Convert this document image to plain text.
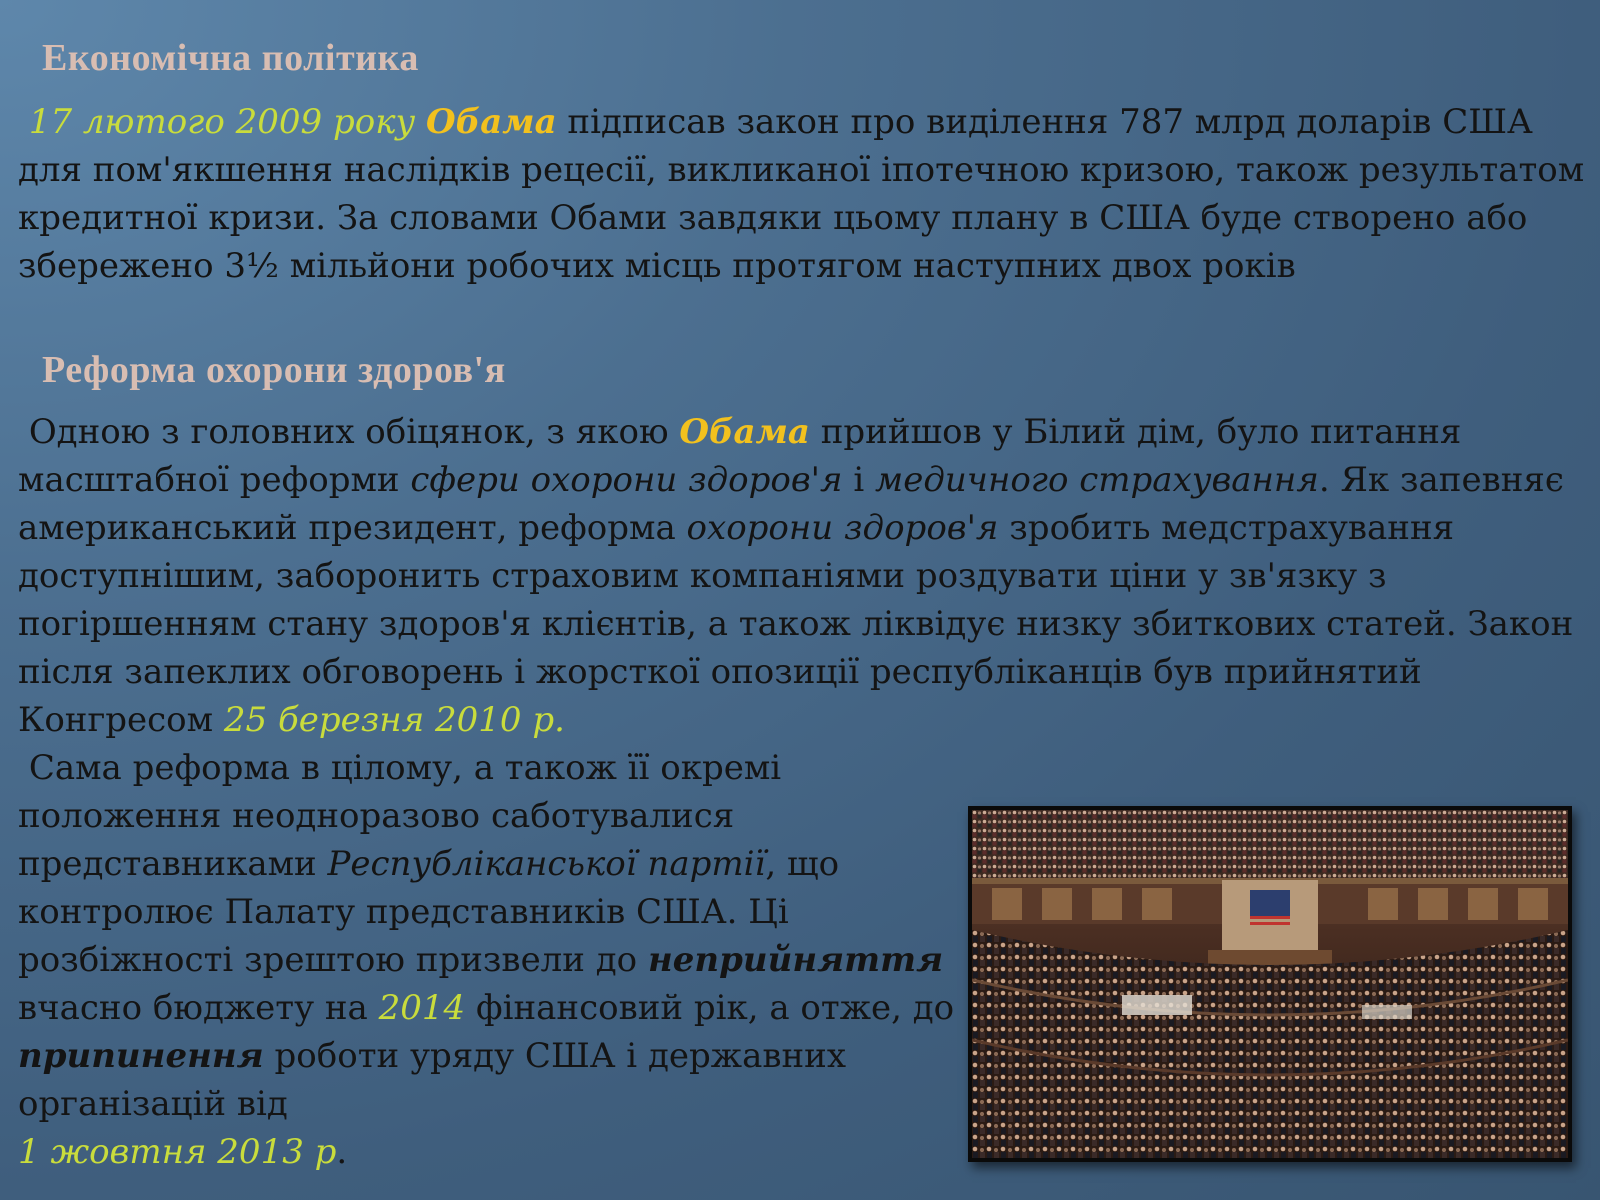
Економічна політика

17 лютого 2009 року Обама підписав закон про виділення 787 млрд доларів США для пом'якшення наслідків рецесії, викликаної іпотечною кризою, також результатом кредитної кризи. За словами Обами завдяки цьому плану в США буде створено або збережено 3½ мільйони робочих місць протягом наступних двох років

Реформа охорони здоров'я

Одною з головних обіцянок, з якою Обама прийшов у Білий дім, було питання масштабної реформи сфери охорони здоров'я і медичного страхування. Як запевняє американський президент, реформа охорони здоров'я зробить медстрахування доступнішим, заборонить страховим компаніями роздувати ціни у зв'язку з погіршенням стану здоров'я клієнтів, а також ліквідує низку збиткових статей. Закон після запеклих обговорень і жорсткої опозиції республіканців був прийнятий Конгресом 25 березня 2010 р.

Сама реформа в цілому, а також її окремі положення неодноразово саботувалися представниками Республіканської партії, що контролює Палату представників США. Ці розбіжності зрештою призвели до неприйняття вчасно бюджету на 2014 фінансовий рік, а отже, до припинення роботи уряду США і державних організацій від
1 жовтня 2013 р.
